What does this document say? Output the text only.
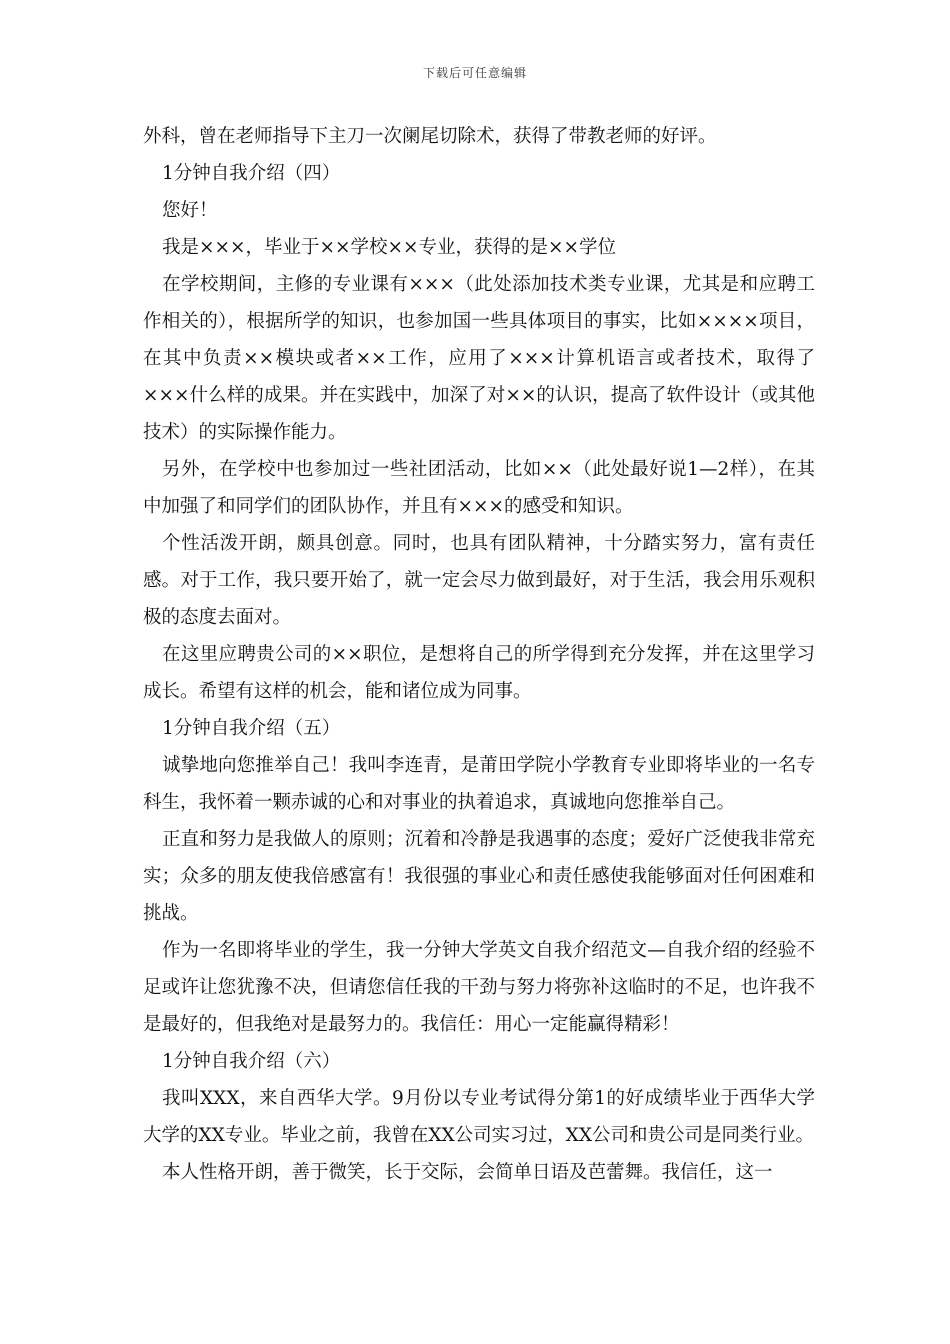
下载后可任意编辑

外科，曾在老师指导下主刀一次阑尾切除术，获得了带教老师的好评。

1分钟自我介绍（四）

您好！

我是×××，毕业于××学校××专业，获得的是××学位

在学校期间，主修的专业课有×××（此处添加技术类专业课，尤其是和应聘工作相关的），根据所学的知识，也参加国一些具体项目的事实，比如××××项目，在其中负责××模块或者××工作，应用了×××计算机语言或者技术，取得了×××什么样的成果。并在实践中，加深了对××的认识，提高了软件设计（或其他技术）的实际操作能力。

另外，在学校中也参加过一些社团活动，比如××（此处最好说1—2样），在其中加强了和同学们的团队协作，并且有×××的感受和知识。

个性活泼开朗，颇具创意。同时，也具有团队精神，十分踏实努力，富有责任感。对于工作，我只要开始了，就一定会尽力做到最好，对于生活，我会用乐观积极的态度去面对。

在这里应聘贵公司的××职位，是想将自己的所学得到充分发挥，并在这里学习成长。希望有这样的机会，能和诸位成为同事。

1分钟自我介绍（五）

诚挚地向您推举自己！我叫李连青，是莆田学院小学教育专业即将毕业的一名专科生，我怀着一颗赤诚的心和对事业的执着追求，真诚地向您推举自己。

正直和努力是我做人的原则；沉着和冷静是我遇事的态度；爱好广泛使我非常充实；众多的朋友使我倍感富有！我很强的事业心和责任感使我能够面对任何困难和挑战。

作为一名即将毕业的学生，我一分钟大学英文自我介绍范文—自我介绍的经验不足或许让您犹豫不决，但请您信任我的干劲与努力将弥补这临时的不足，也许我不是最好的，但我绝对是最努力的。我信任：用心一定能赢得精彩！

1分钟自我介绍（六）

我叫XXX，来自西华大学。9月份以专业考试得分第1的好成绩毕业于西华大学大学的XX专业。毕业之前，我曾在XX公司实习过，XX公司和贵公司是同类行业。

本人性格开朗，善于微笑，长于交际，会简单日语及芭蕾舞。我信任，这一
